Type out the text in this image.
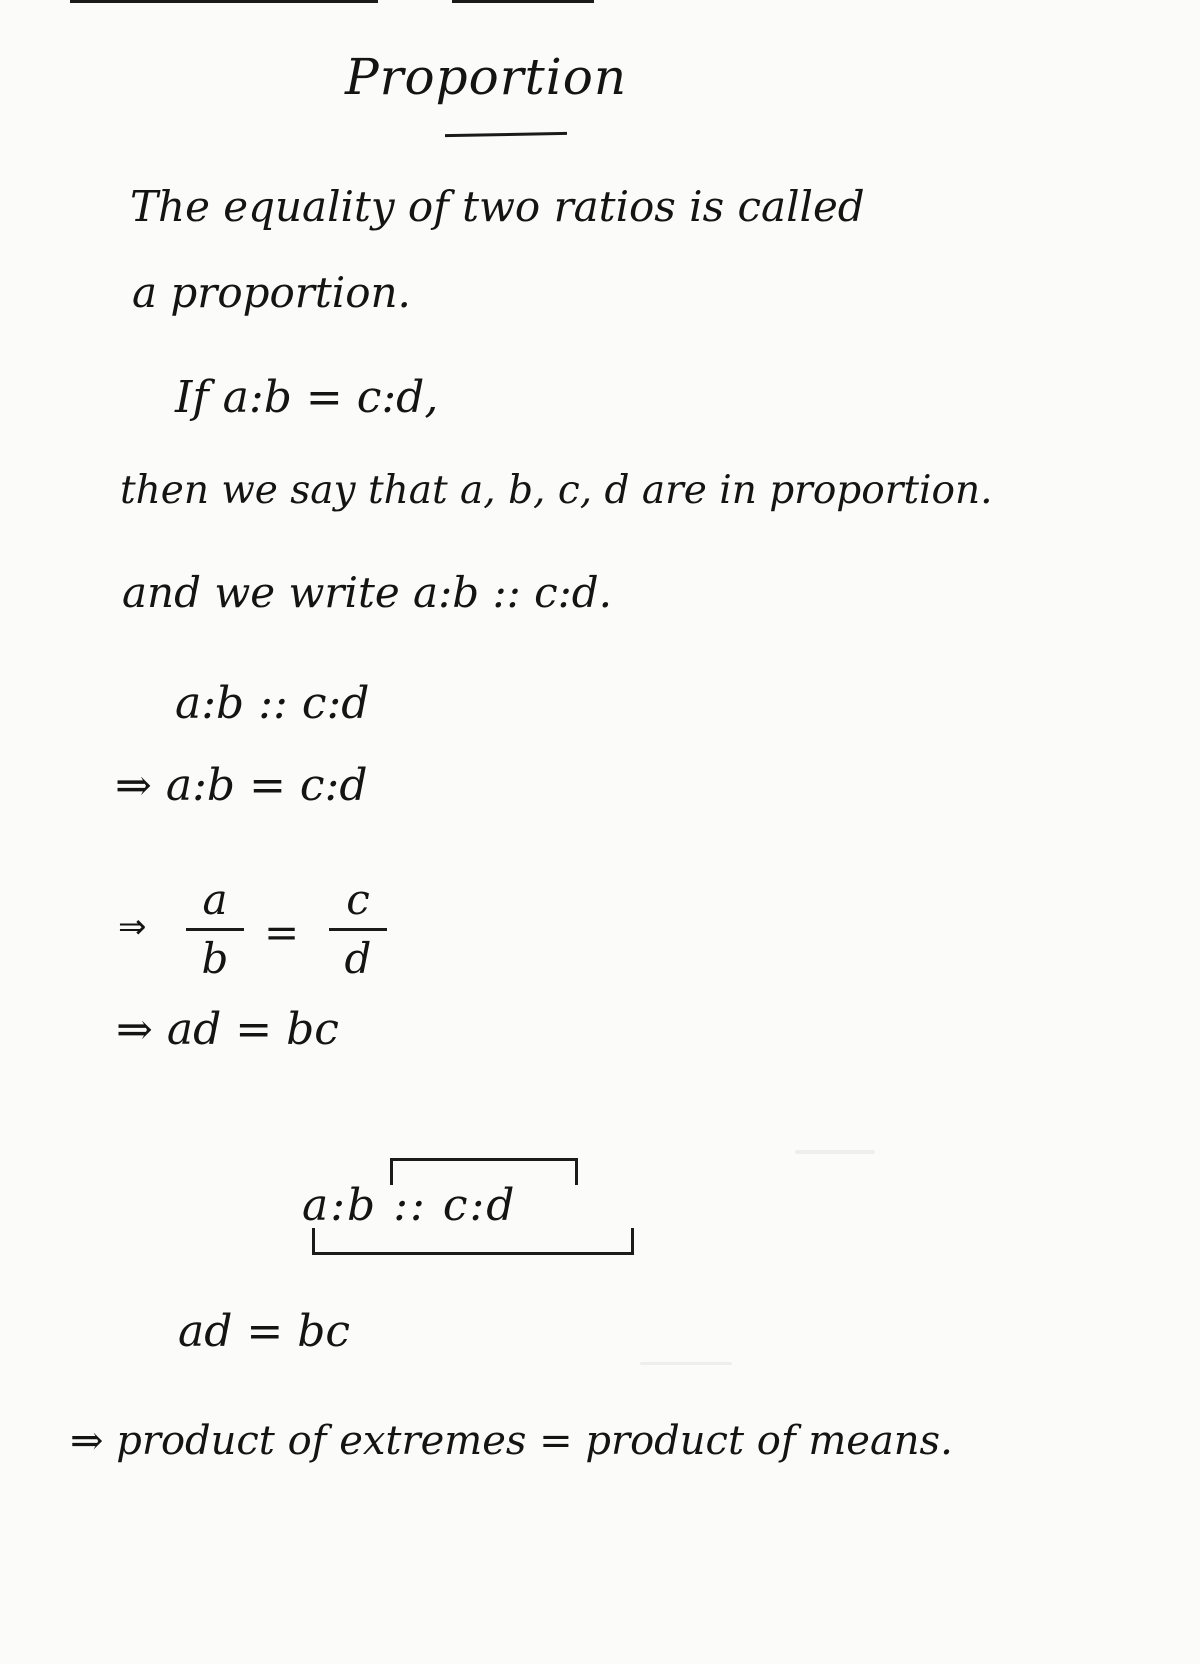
Proportion
The equality of two ratios is called
a proportion.
If a:b = c:d,
then we say that a, b, c, d are in proportion.
and we write a:b :: c:d.
a:b :: c:d
⇒ a:b = c:d
⇒
a
b
=
c
d
⇒ ad = bc
a:b :: c:d
ad = bc
⇒ product of extremes = product of means.
